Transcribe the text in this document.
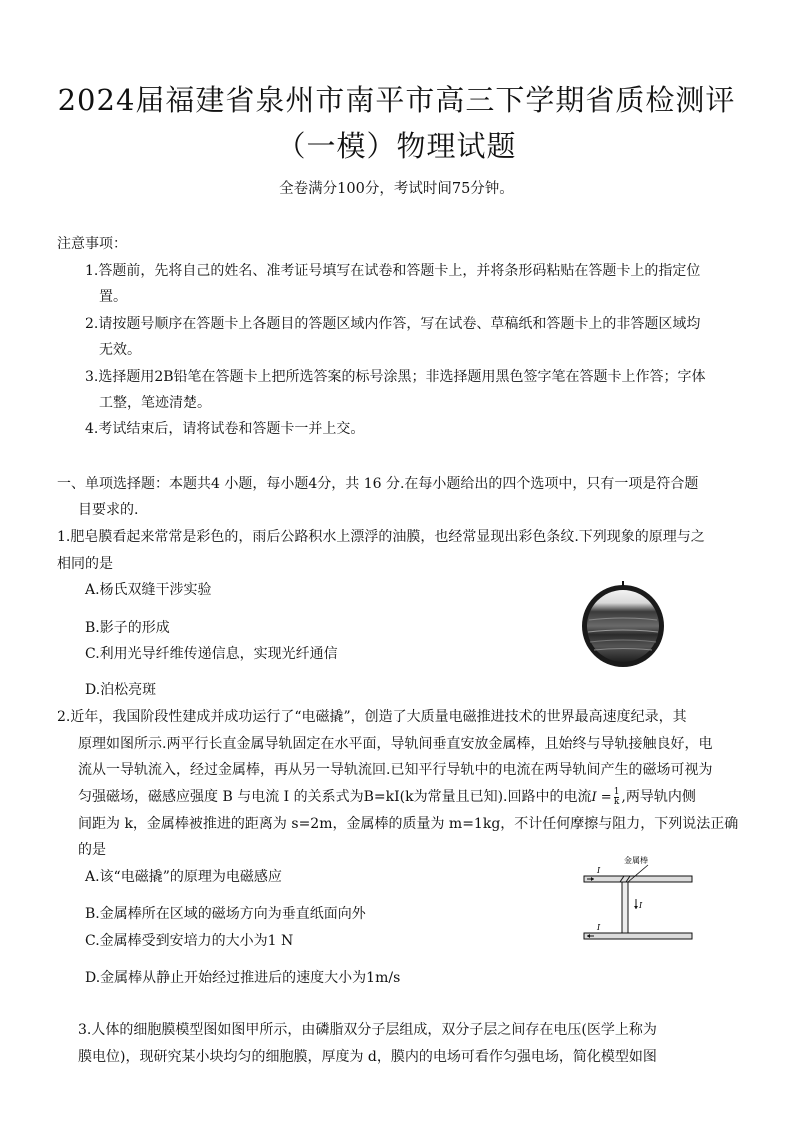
2024届福建省泉州市南平市高三下学期省质检测评
（一模）物理试题
全卷满分100分，考试时间75分钟。
注意事项：
1.答题前，先将自己的姓名、准考证号填写在试卷和答题卡上，并将条形码粘贴在答题卡上的指定位
置。
2.请按题号顺序在答题卡上各题目的答题区域内作答，写在试卷、草稿纸和答题卡上的非答题区域均
无效。
3.选择题用2B铅笔在答题卡上把所选答案的标号涂黑；非选择题用黑色签字笔在答题卡上作答；字体
工整，笔迹清楚。
4.考试结束后，请将试卷和答题卡一并上交。
一、单项选择题：本题共4 小题，每小题4分，共 16 分.在每小题给出的四个选项中，只有一项是符合题
目要求的.
1.肥皂膜看起来常常是彩色的，雨后公路积水上漂浮的油膜，也经常显现出彩色条纹.下列现象的原理与之
相同的是
A.杨氏双缝干涉实验
B.影子的形成
C.利用光导纤维传递信息，实现光纤通信
D.泊松亮斑
2.近年，我国阶段性建成并成功运行了“电磁撬”，创造了大质量电磁推进技术的世界最高速度纪录，其
原理如图所示.两平行长直金属导轨固定在水平面，导轨间垂直安放金属棒，且始终与导轨接触良好，电
流从一导轨流入，经过金属棒，再从另一导轨流回.已知平行导轨中的电流在两导轨间产生的磁场可视为
匀强磁场，磁感应强度 B 与电流 I 的关系式为B=kI(k为常量且已知).回路中的电流$I = \frac{1}{k}$ ,两导轨内侧
间距为 k，金属棒被推进的距离为 s=2m，金属棒的质量为 m=1kg，不计任何摩擦与阻力，下列说法正确
的是
A.该“电磁撬”的原理为电磁感应
B.金属棒所在区域的磁场方向为垂直纸面向外
C.金属棒受到安培力的大小为1 N
D.金属棒从静止开始经过推进后的速度大小为1m/s
金属棒
I
I
I
3.人体的细胞膜模型图如图甲所示，由磷脂双分子层组成，双分子层之间存在电压(医学上称为
膜电位)，现研究某小块均匀的细胞膜，厚度为 d，膜内的电场可看作匀强电场，简化模型如图
